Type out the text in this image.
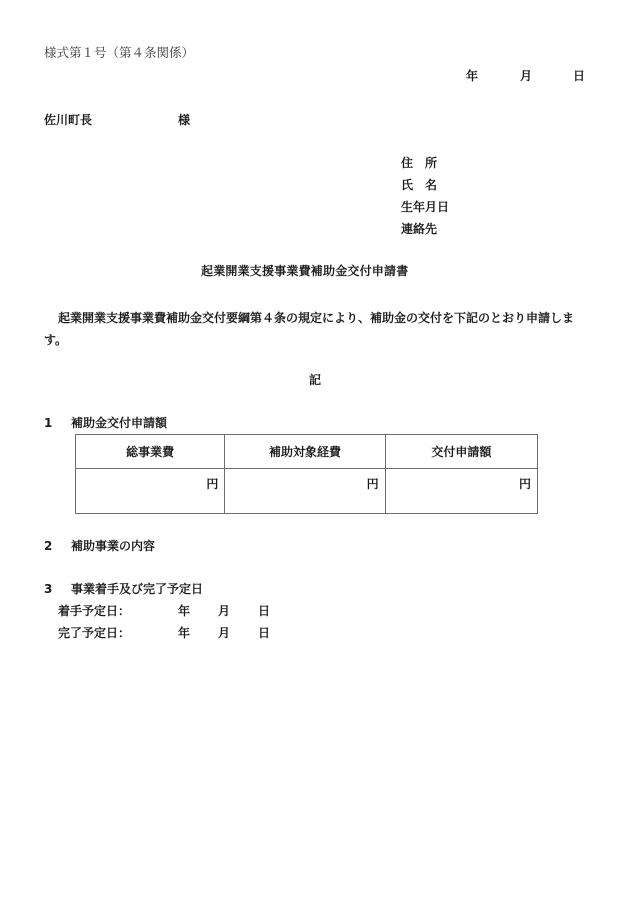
様式第１号（第４条関係）
年	月	日
佐川町長	様
住　所
氏　名
生年月日
連絡先
起業開業支援事業費補助金交付申請書
起業開業支援事業費補助金交付要綱第４条の規定により、補助金の交付を下記のとおり申請します。
記
1 補助金交付申請額
総事業費	補助対象経費	交付申請額
円	円	円
2 補助事業の内容
3 事業着手及び完了予定日
着手予定日：	年 月 日
完了予定日：	年 月 日
